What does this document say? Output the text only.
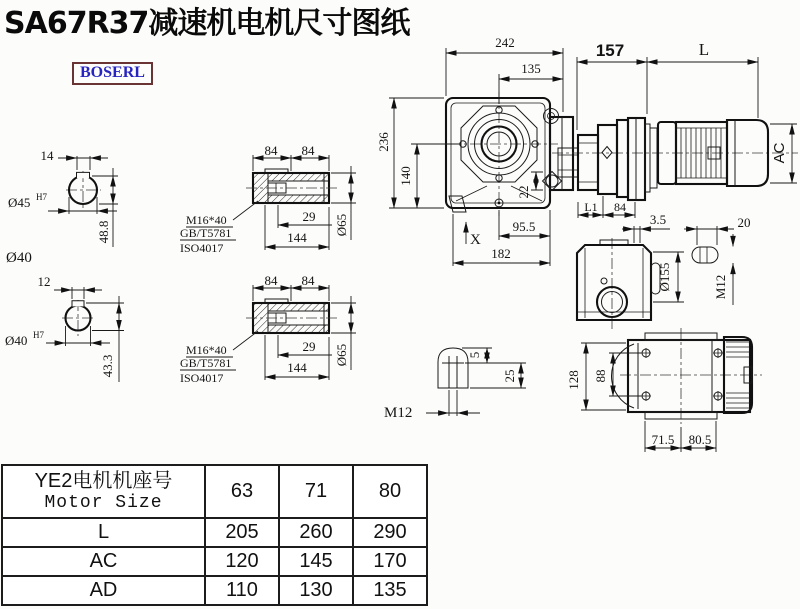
SA67R37减速机电机尺寸图纸
BOSERL
14
Ø45 H7
48.8
Ø40
12
Ø40 H7
43.3
84 84
M16*40
GB/T5781
ISO4017
29
144
Ø65
84 84
M16*40
GB/T5781
ISO4017
29
144
Ø65
242
135
236
140
22
95.5
182
X
157	L
AC
L1 84
3.5
Ø155
20
M12
5
25
M12
128 88
71.5 80.5
YE2电机机座号
Motor Size	63	71	80
L	205	260	290
AC	120	145	170
AD	110	130	135
